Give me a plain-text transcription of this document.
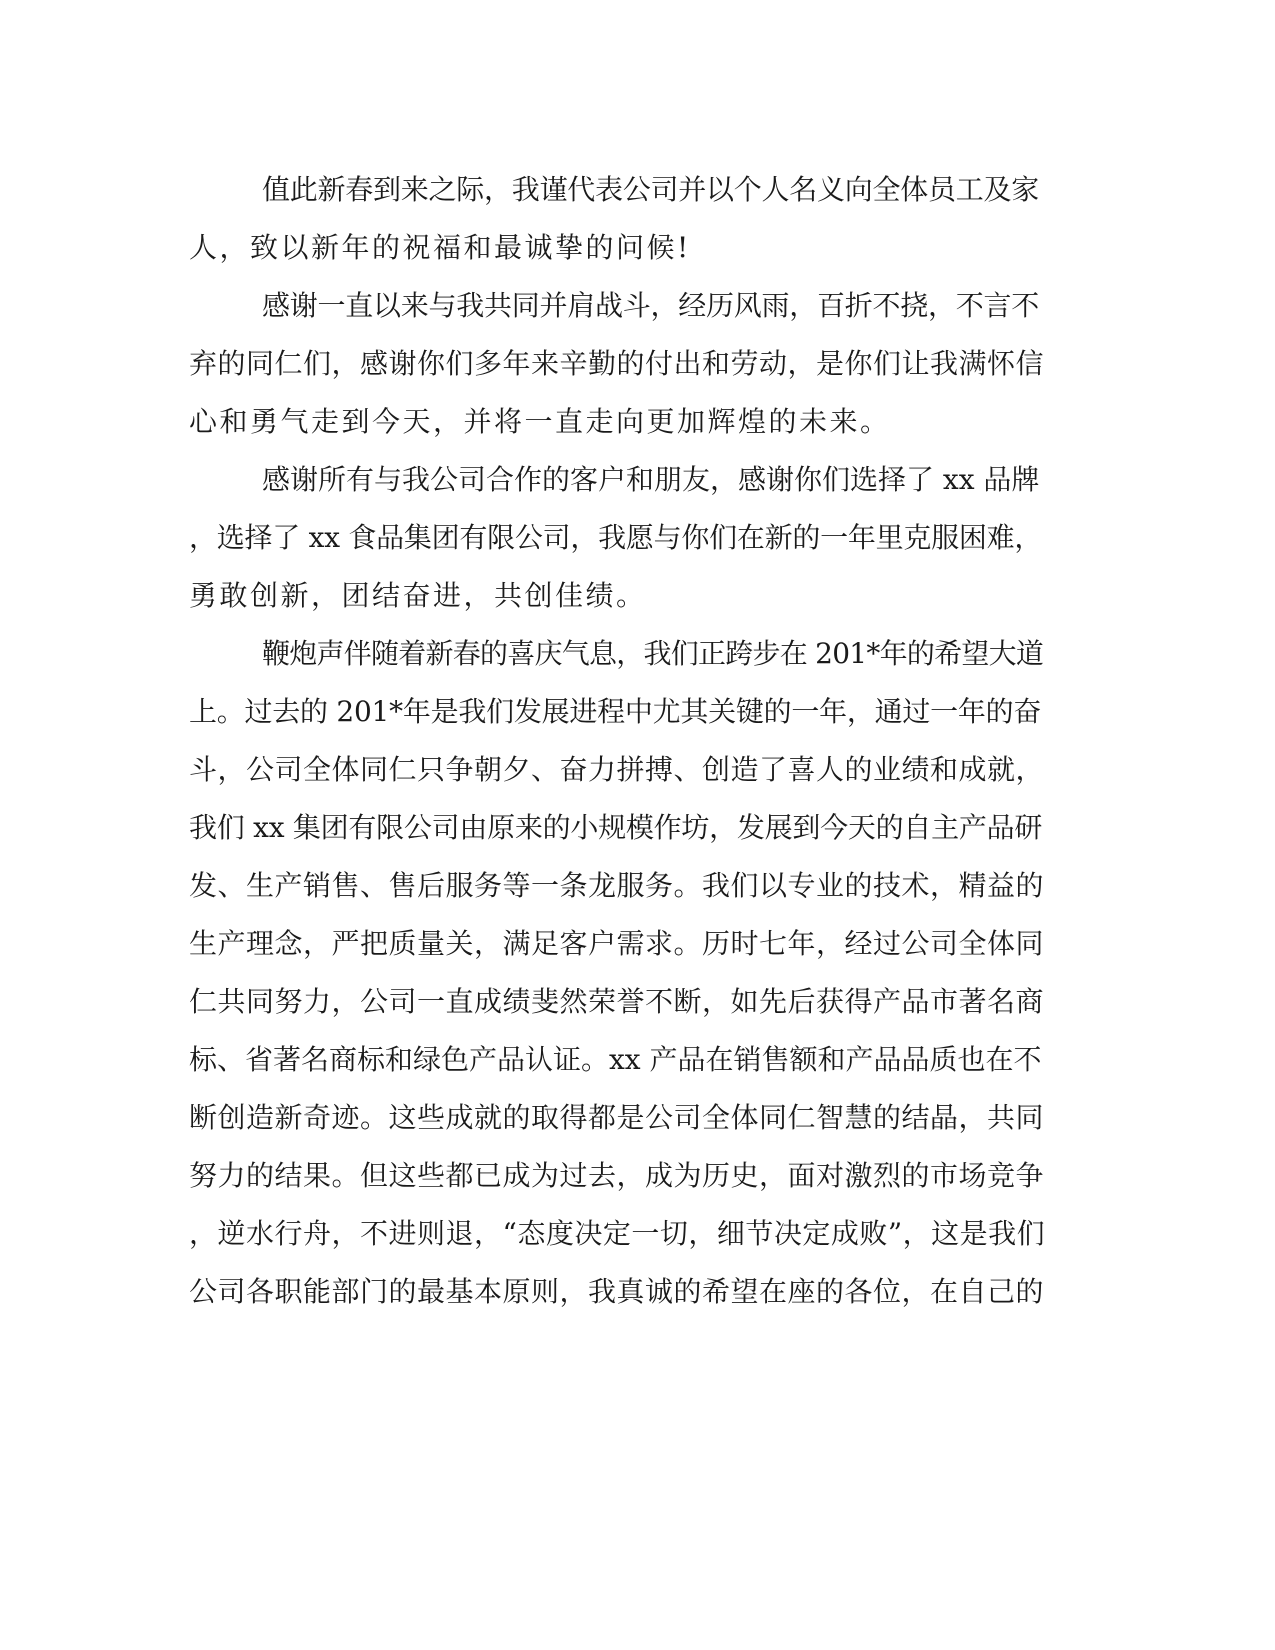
值此新春到来之际，我谨代表公司并以个人名义向全体员工及家
人，致以新年的祝福和最诚挚的问候!
感谢一直以来与我共同并肩战斗，经历风雨，百折不挠，不言不
弃的同仁们，感谢你们多年来辛勤的付出和劳动，是你们让我满怀信
心和勇气走到今天，并将一直走向更加辉煌的未来。
感谢所有与我公司合作的客户和朋友，感谢你们选择了 xx 品牌
，选择了 xx 食品集团有限公司，我愿与你们在新的一年里克服困难，
勇敢创新，团结奋进，共创佳绩。
鞭炮声伴随着新春的喜庆气息，我们正跨步在 201*年的希望大道
上。过去的 201*年是我们发展进程中尤其关键的一年，通过一年的奋
斗，公司全体同仁只争朝夕、奋力拼搏、创造了喜人的业绩和成就，
我们 xx 集团有限公司由原来的小规模作坊，发展到今天的自主产品研
发、生产销售、售后服务等一条龙服务。我们以专业的技术，精益的
生产理念，严把质量关，满足客户需求。历时七年，经过公司全体同
仁共同努力，公司一直成绩斐然荣誉不断，如先后获得产品市著名商
标、省著名商标和绿色产品认证。xx 产品在销售额和产品品质也在不
断创造新奇迹。这些成就的取得都是公司全体同仁智慧的结晶，共同
努力的结果。但这些都已成为过去，成为历史，面对激烈的市场竞争
，逆水行舟，不进则退，“态度决定一切，细节决定成败”，这是我们
公司各职能部门的最基本原则，我真诚的希望在座的各位，在自己的
